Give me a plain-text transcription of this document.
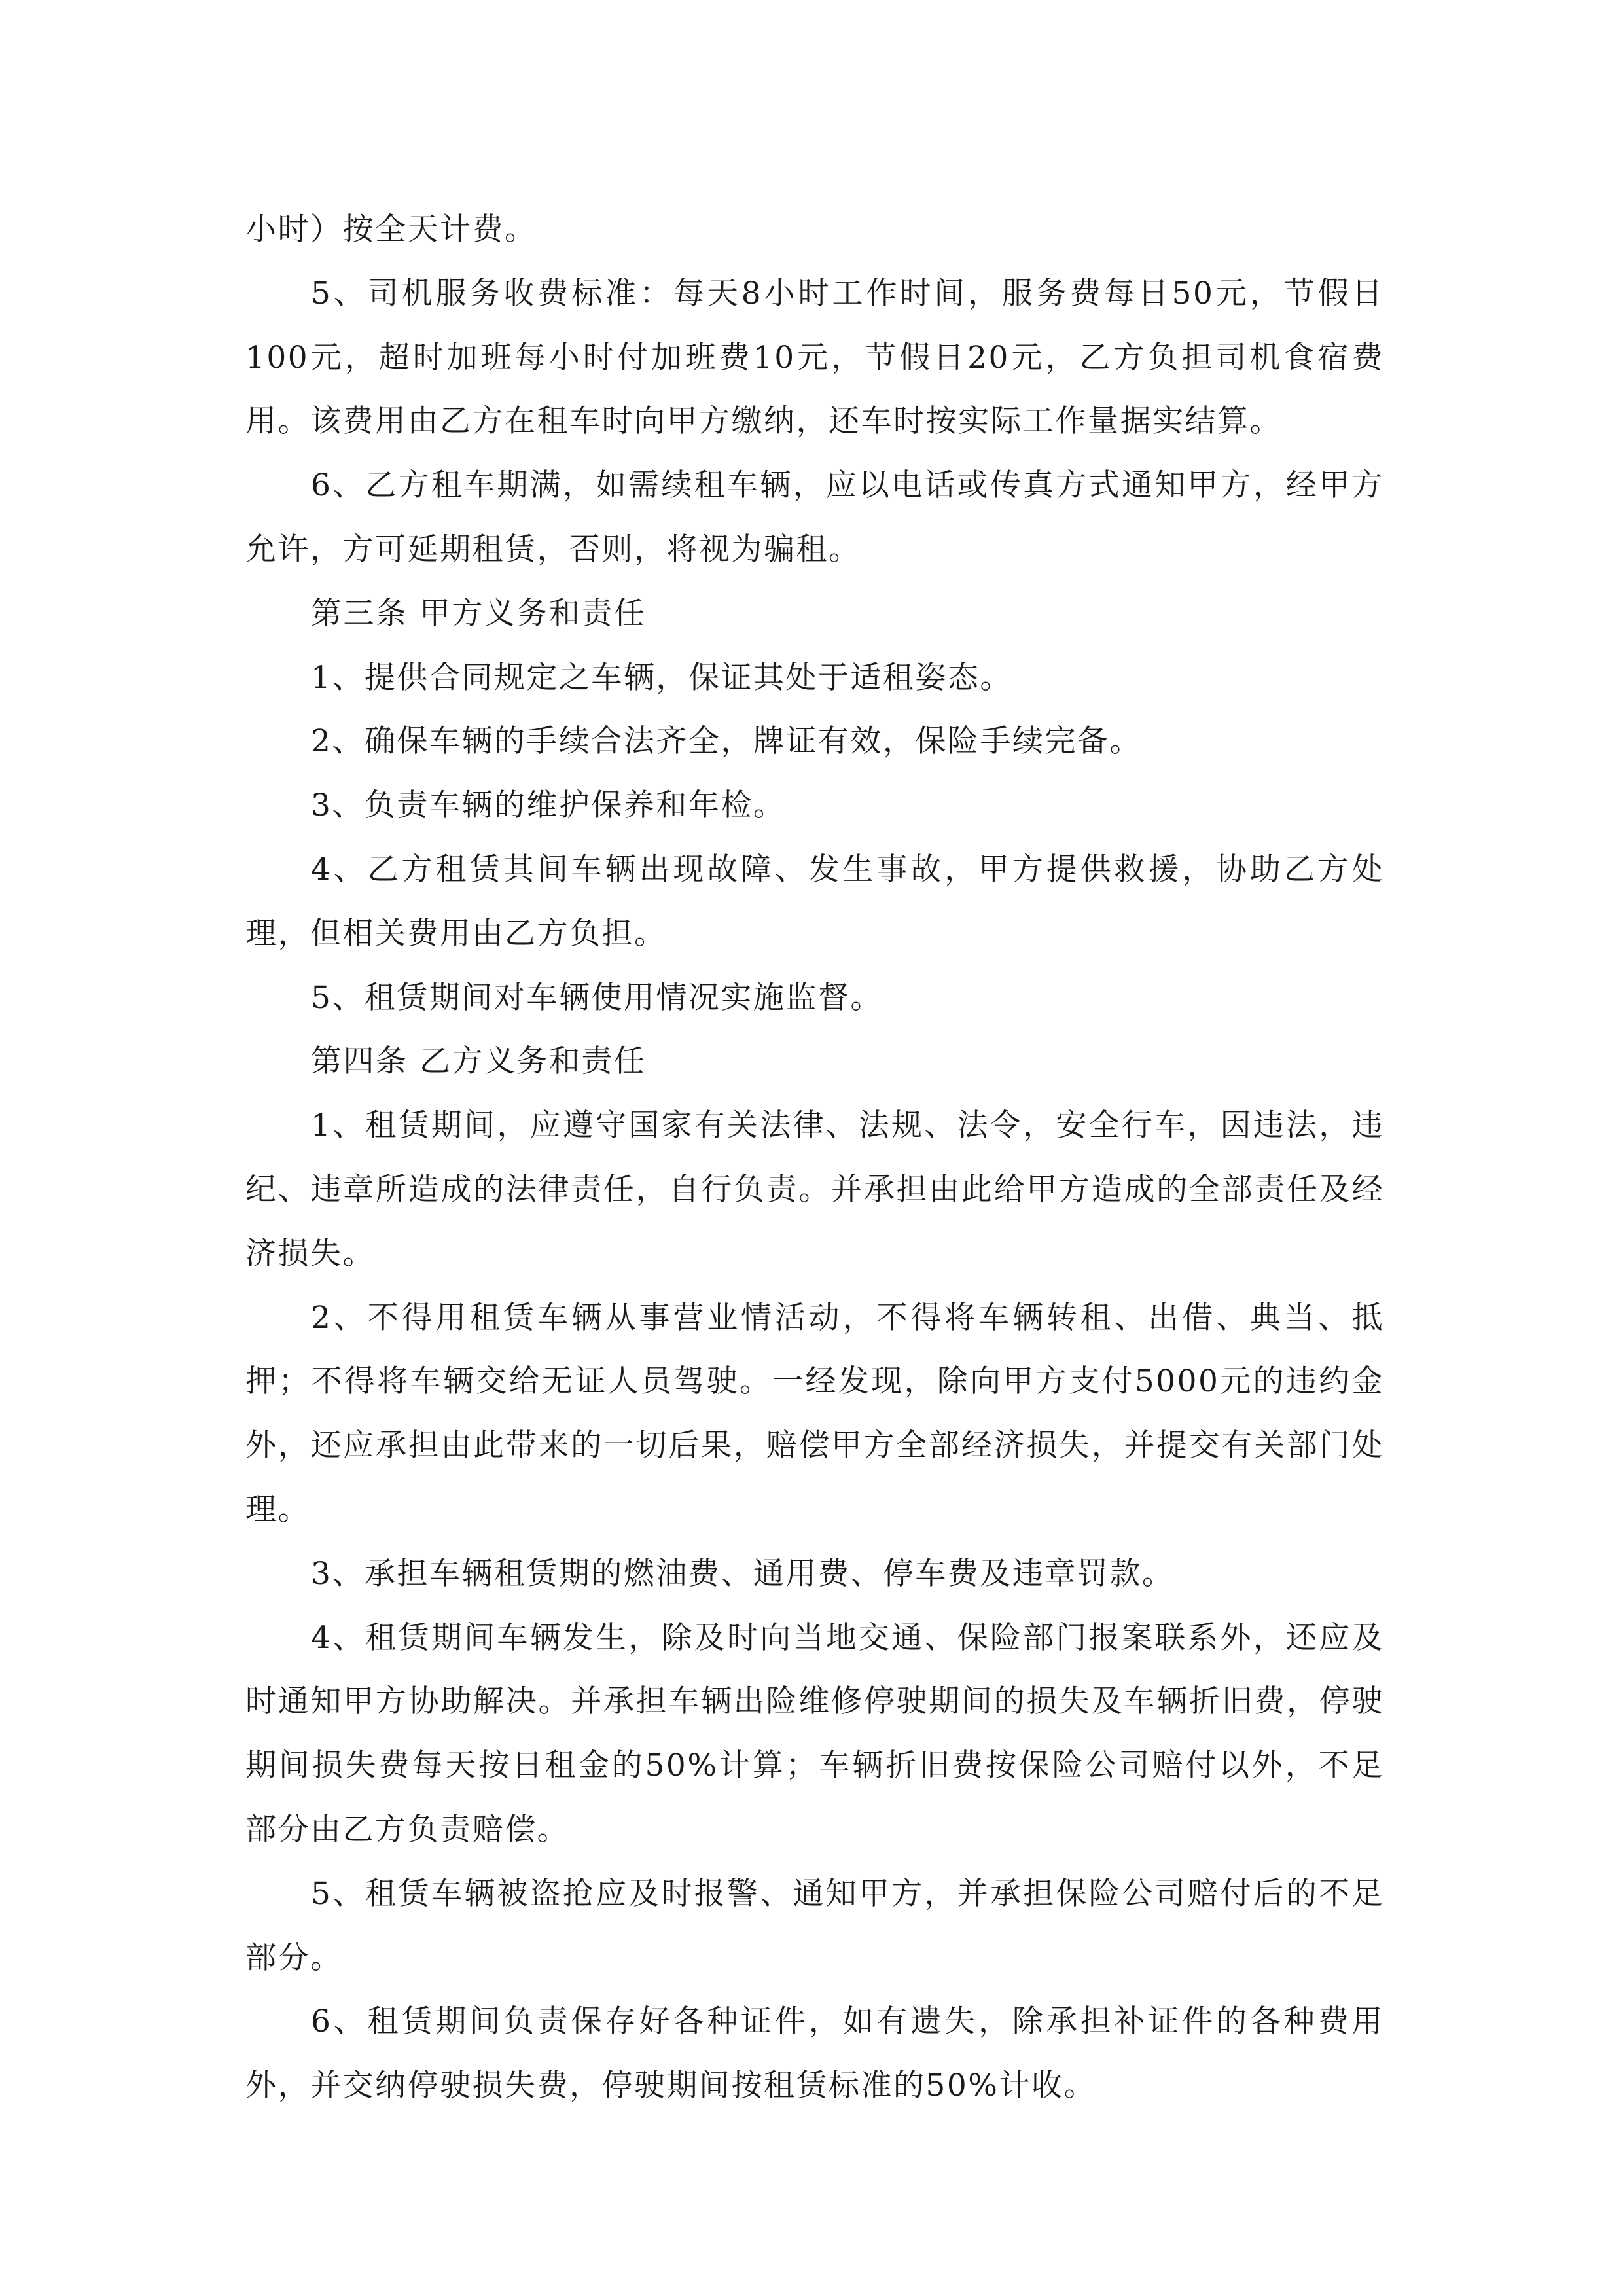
小时）按全天计费。

5、司机服务收费标准：每天8小时工作时间，服务费每日50元，节假日100元，超时加班每小时付加班费10元，节假日20元，乙方负担司机食宿费用。该费用由乙方在租车时向甲方缴纳，还车时按实际工作量据实结算。

6、乙方租车期满，如需续租车辆，应以电话或传真方式通知甲方，经甲方允许，方可延期租赁，否则，将视为骗租。

第三条 甲方义务和责任

1、提供合同规定之车辆，保证其处于适租姿态。

2、确保车辆的手续合法齐全，牌证有效，保险手续完备。

3、负责车辆的维护保养和年检。

4、乙方租赁其间车辆出现故障、发生事故，甲方提供救援，协助乙方处理，但相关费用由乙方负担。

5、租赁期间对车辆使用情况实施监督。

第四条 乙方义务和责任

1、租赁期间，应遵守国家有关法律、法规、法令，安全行车，因违法，违纪、违章所造成的法律责任，自行负责。并承担由此给甲方造成的全部责任及经济损失。

2、不得用租赁车辆从事营业情活动，不得将车辆转租、出借、典当、抵押；不得将车辆交给无证人员驾驶。一经发现，除向甲方支付5000元的违约金外，还应承担由此带来的一切后果，赔偿甲方全部经济损失，并提交有关部门处理。

3、承担车辆租赁期的燃油费、通用费、停车费及违章罚款。

4、租赁期间车辆发生，除及时向当地交通、保险部门报案联系外，还应及时通知甲方协助解决。并承担车辆出险维修停驶期间的损失及车辆折旧费，停驶期间损失费每天按日租金的50%计算；车辆折旧费按保险公司赔付以外，不足部分由乙方负责赔偿。

5、租赁车辆被盗抢应及时报警、通知甲方，并承担保险公司赔付后的不足部分。

6、租赁期间负责保存好各种证件，如有遗失，除承担补证件的各种费用外，并交纳停驶损失费，停驶期间按租赁标准的50%计收。
